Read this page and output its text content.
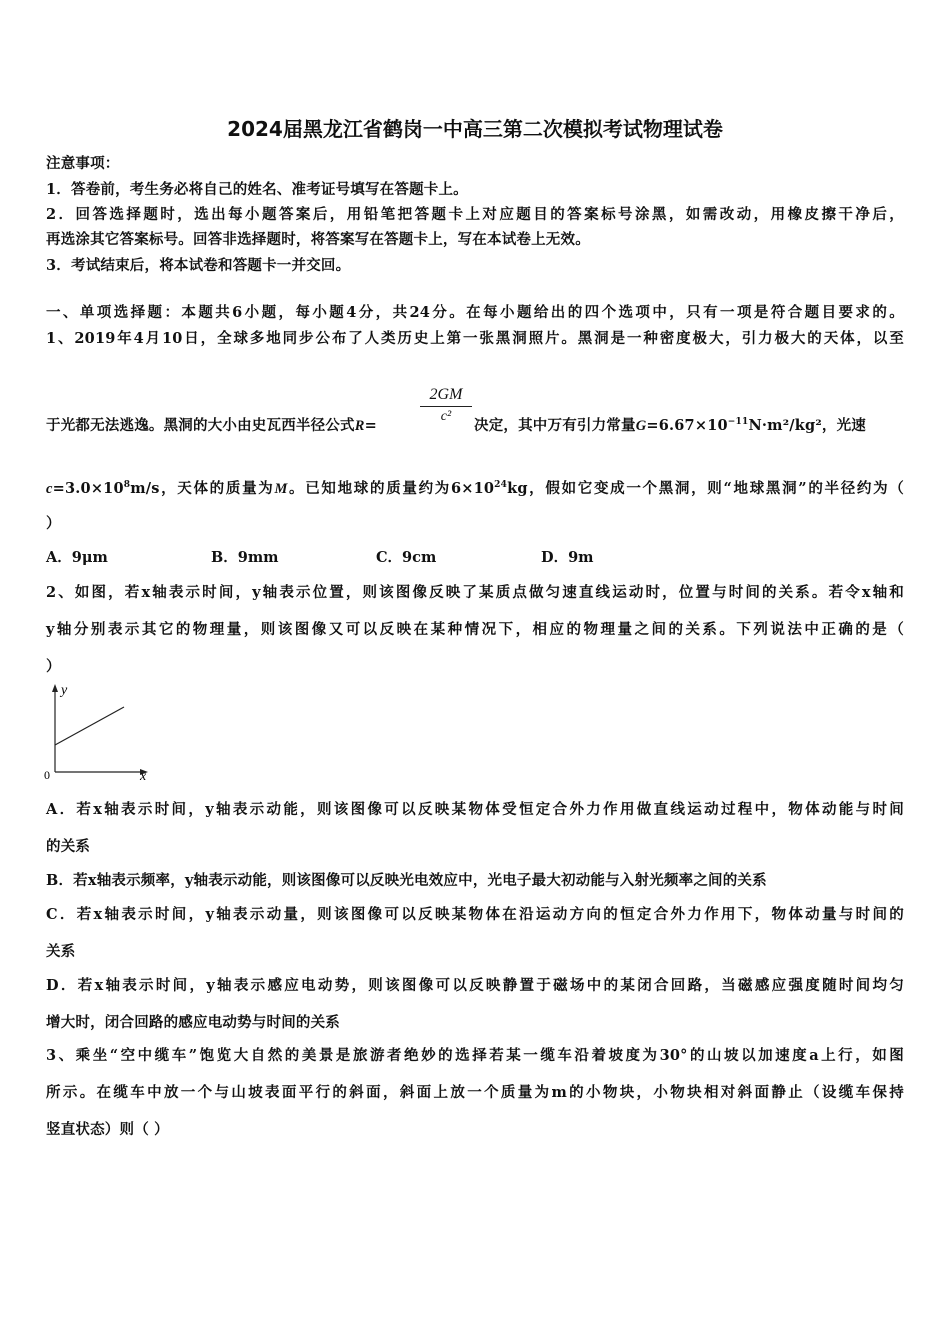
2024届黑龙江省鹤岗一中高三第二次模拟考试物理试卷
注意事项：
1．答卷前，考生务必将自己的姓名、准考证号填写在答题卡上。
2．回答选择题时，选出每小题答案后，用铅笔把答题卡上对应题目的答案标号涂黑，如需改动，用橡皮擦干净后，
再选涂其它答案标号。回答非选择题时，将答案写在答题卡上，写在本试卷上无效。
3．考试结束后，将本试卷和答题卡一并交回。
一、单项选择题：本题共6小题，每小题4分，共24分。在每小题给出的四个选项中，只有一项是符合题目要求的。
1、2019年4月10日，全球多地同步公布了人类历史上第一张黑洞照片。黑洞是一种密度极大，引力极大的天体，以至
于光都无法逃逸。黑洞的大小由史瓦西半径公式R=
$\frac{2GM}{\text{c²}}$
决定，其中万有引力常量$G=6.67\times 10^{-11}N\cdot m^2$/kg²，光速
$c=3.0\times 10^8m/s$，天体的质量为M。已知地球的质量约为$6\times 10^{24}kg$，假如它变成一个黑洞，则“地球黑洞”的半径约为（
）
A．9μm	B．9mm	C．9cm	D．9m
2、如图，若x轴表示时间，y轴表示位置，则该图像反映了某质点做匀速直线运动时，位置与时间的关系。若令x轴和
y轴分别表示其它的物理量，则该图像又可以反映在某种情况下，相应的物理量之间的关系。下列说法中正确的是（
）
y
x
0
A．若x轴表示时间，y轴表示动能，则该图像可以反映某物体受恒定合外力作用做直线运动过程中，物体动能与时间
的关系
B．若x轴表示频率，y轴表示动能，则该图像可以反映光电效应中，光电子最大初动能与入射光频率之间的关系
C．若x轴表示时间，y轴表示动量，则该图像可以反映某物体在沿运动方向的恒定合外力作用下，物体动量与时间的
关系
D．若x轴表示时间，y轴表示感应电动势，则该图像可以反映静置于磁场中的某闭合回路，当磁感应强度随时间均匀
增大时，闭合回路的感应电动势与时间的关系
3、乘坐“空中缆车”饱览大自然的美景是旅游者绝妙的选择若某一缆车沿着坡度为30°的山坡以加速度a上行，如图
所示。在缆车中放一个与山坡表面平行的斜面，斜面上放一个质量为m的小物块，小物块相对斜面静止（设缆车保持
竖直状态）则（ ）
